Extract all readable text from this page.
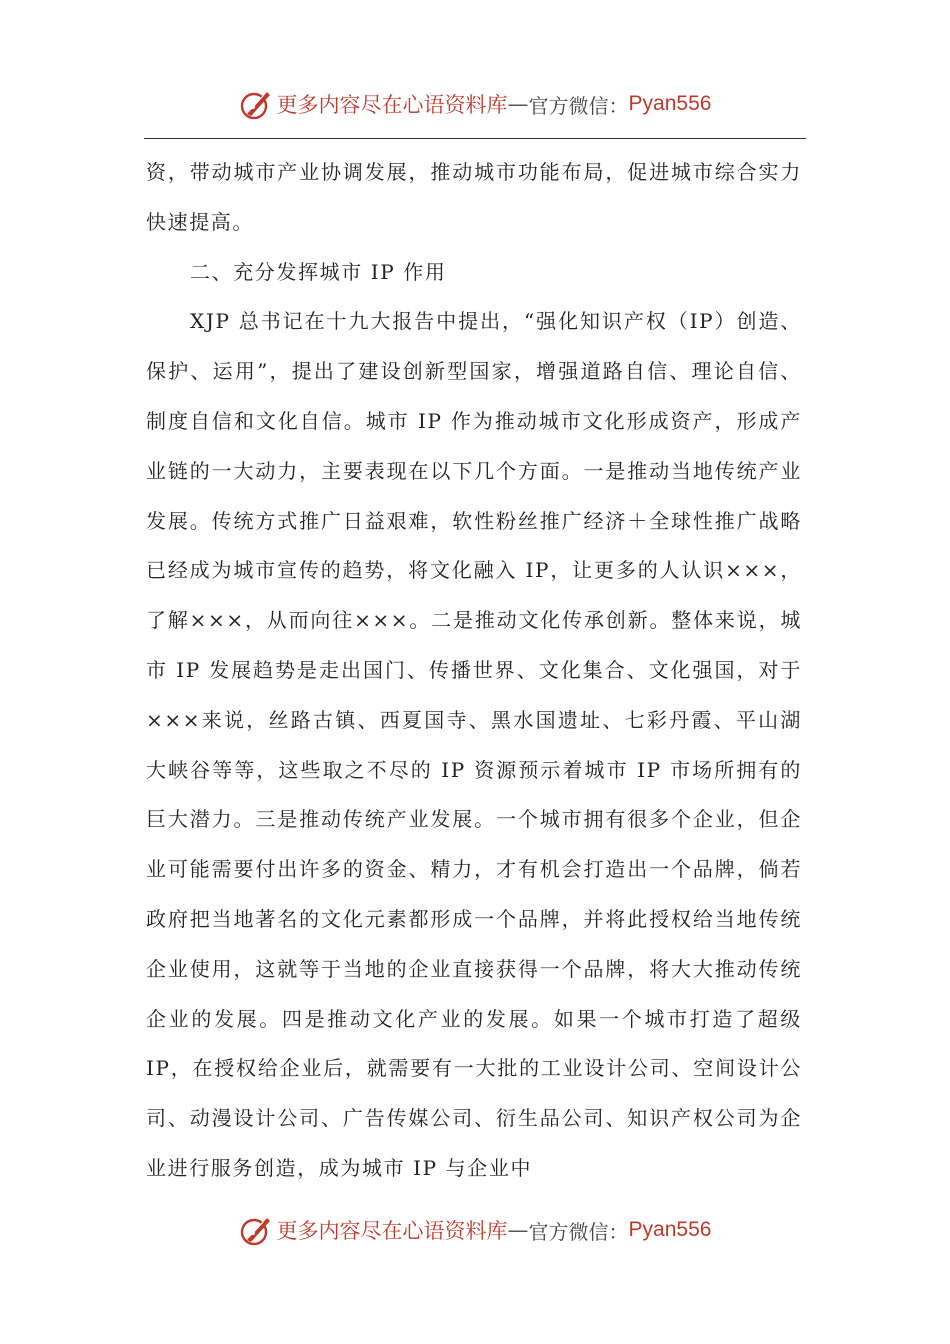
更多内容尽在心语资料库 — 官方微信： Pyan556

资，带动城市产业协调发展，推动城市功能布局，促进城市综合实力快速提高。

二、充分发挥城市 IP 作用

XJP 总书记在十九大报告中提出，“强化知识产权（IP）创造、保护、运用”，提出了建设创新型国家，增强道路自信、理论自信、制度自信和文化自信。城市 IP 作为推动城市文化形成资产，形成产业链的一大动力，主要表现在以下几个方面。一是推动当地传统产业发展。传统方式推广日益艰难，软性粉丝推广经济＋全球性推广战略已经成为城市宣传的趋势，将文化融入 IP，让更多的人认识×××，了解×××，从而向往×××。二是推动文化传承创新。整体来说，城市 IP 发展趋势是走出国门、传播世界、文化集合、文化强国，对于×××来说，丝路古镇、西夏国寺、黑水国遗址、七彩丹霞、平山湖大峡谷等等，这些取之不尽的 IP 资源预示着城市 IP 市场所拥有的巨大潜力。三是推动传统产业发展。一个城市拥有很多个企业，但企业可能需要付出许多的资金、精力，才有机会打造出一个品牌，倘若政府把当地著名的文化元素都形成一个品牌，并将此授权给当地传统企业使用，这就等于当地的企业直接获得一个品牌，将大大推动传统企业的发展。四是推动文化产业的发展。如果一个城市打造了超级 IP，在授权给企业后，就需要有一大批的工业设计公司、空间设计公司、动漫设计公司、广告传媒公司、衍生品公司、知识产权公司为企业进行服务创造，成为城市 IP 与企业中

更多内容尽在心语资料库 — 官方微信： Pyan556
